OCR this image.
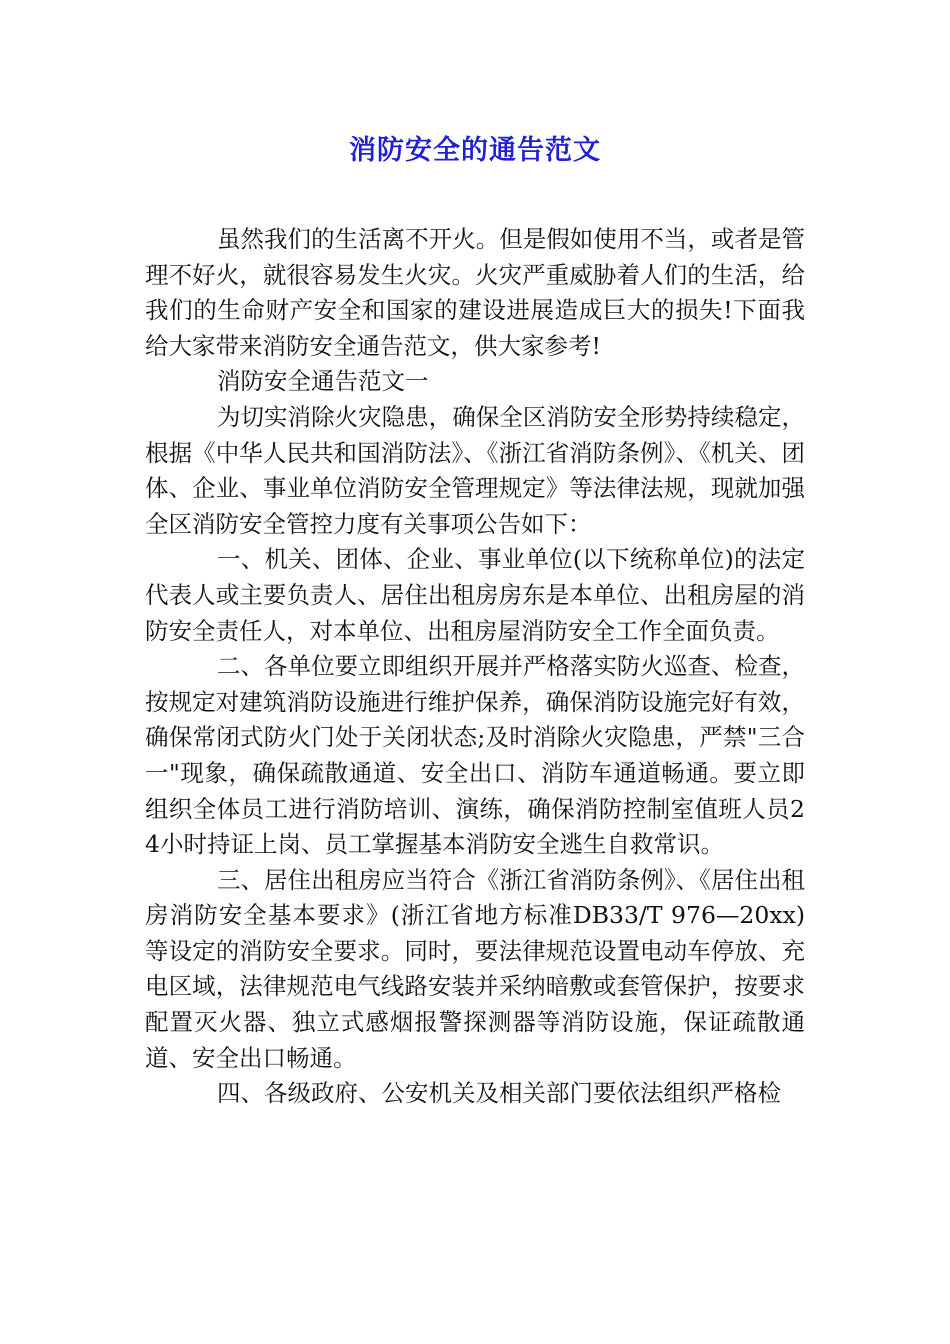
消防安全的通告范文

虽然我们的生活离不开火。但是假如使用不当，或者是管理不好火，就很容易发生火灾。火灾严重威胁着人们的生活，给我们的生命财产安全和国家的建设进展造成巨大的损失!下面我给大家带来消防安全通告范文，供大家参考!

消防安全通告范文一

为切实消除火灾隐患，确保全区消防安全形势持续稳定，根据《中华人民共和国消防法》、《浙江省消防条例》、《机关、团体、企业、事业单位消防安全管理规定》等法律法规，现就加强全区消防安全管控力度有关事项公告如下：

一、机关、团体、企业、事业单位(以下统称单位)的法定代表人或主要负责人、居住出租房房东是本单位、出租房屋的消防安全责任人，对本单位、出租房屋消防安全工作全面负责。

二、各单位要立即组织开展并严格落实防火巡查、检查，按规定对建筑消防设施进行维护保养，确保消防设施完好有效，确保常闭式防火门处于关闭状态;及时消除火灾隐患，严禁"三合一"现象，确保疏散通道、安全出口、消防车通道畅通。要立即组织全体员工进行消防培训、演练，确保消防控制室值班人员24小时持证上岗、员工掌握基本消防安全逃生自救常识。

三、居住出租房应当符合《浙江省消防条例》、《居住出租房消防安全基本要求》(浙江省地方标准DB33/T 976—20xx)等设定的消防安全要求。同时，要法律规范设置电动车停放、充电区域，法律规范电气线路安装并采纳暗敷或套管保护，按要求配置灭火器、独立式感烟报警探测器等消防设施，保证疏散通道、安全出口畅通。

四、各级政府、公安机关及相关部门要依法组织严格检
